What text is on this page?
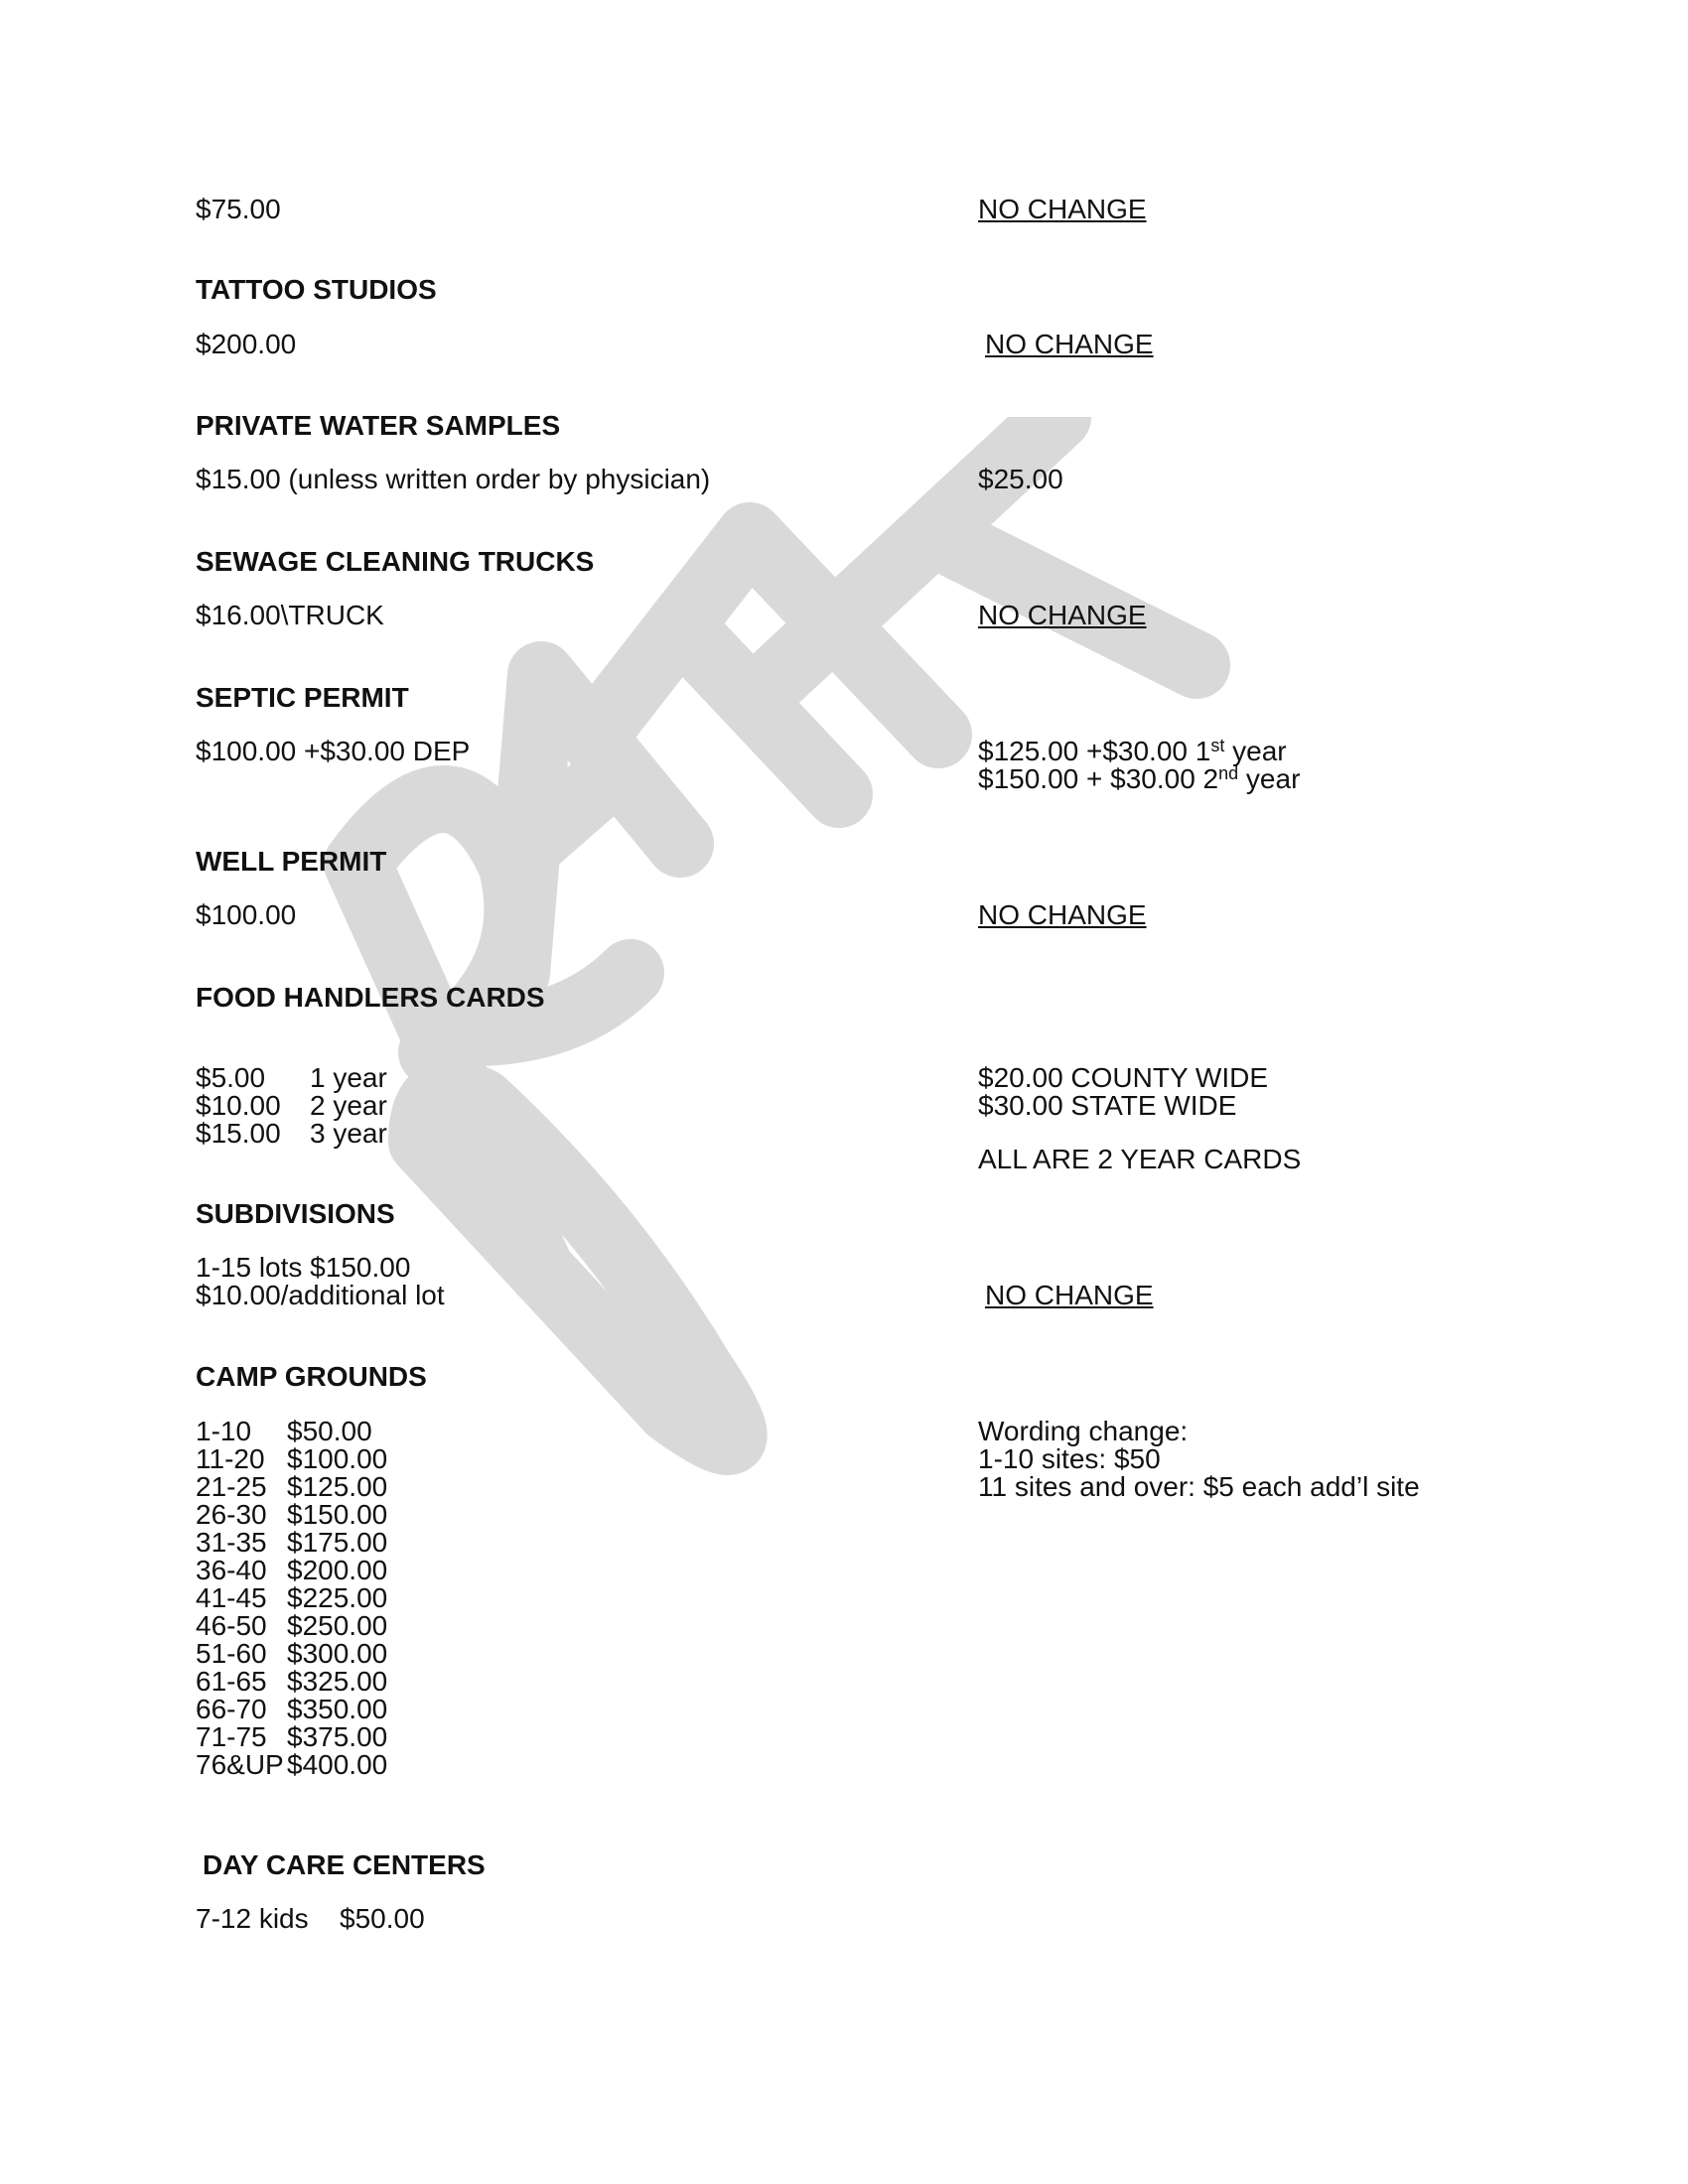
$75.00	NO CHANGE
TATTOO STUDIOS
$200.00	NO CHANGE
PRIVATE WATER SAMPLES
$15.00 (unless written order by physician)	$25.00
SEWAGE CLEANING TRUCKS
$16.00\TRUCK	NO CHANGE
SEPTIC PERMIT
$100.00 +$30.00 DEP	$125.00 +$30.00 1st year
$150.00 + $30.00 2nd year
WELL PERMIT
$100.00	NO CHANGE
FOOD HANDLERS CARDS
$5.00 1 year
$10.00 2 year
$15.00 3 year
$20.00 COUNTY WIDE
$30.00 STATE WIDE
ALL ARE 2 YEAR CARDS
SUBDIVISIONS
1-15 lots $150.00
$10.00/additional lot	NO CHANGE
CAMP GROUNDS
1-10 $50.00
11-20 $100.00
21-25 $125.00
26-30 $150.00
31-35 $175.00
36-40 $200.00
41-45 $225.00
46-50 $250.00
51-60 $300.00
61-65 $325.00
66-70 $350.00
71-75 $375.00
76&UP $400.00
Wording change:
1-10 sites: $50
11 sites and over: $5 each add’l site
DAY CARE CENTERS
7-12 kids $50.00
